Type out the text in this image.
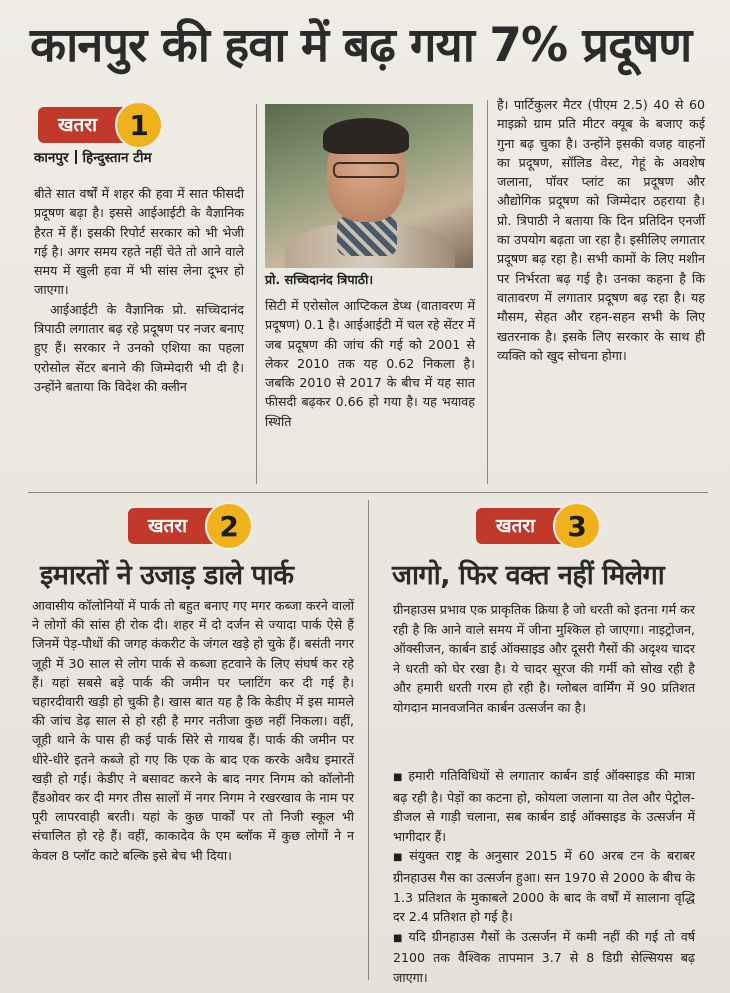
कानपुर की हवा में बढ़ गया 7% प्रदूषण
खतरा	1
कानपुर हिन्दुस्तान टीम

बीते सात वर्षों में शहर की हवा में सात फीसदी प्रदूषण बढ़ा है। इससे आईआईटी के वैज्ञानिक हैरत में हैं। इसकी रिपोर्ट सरकार को भी भेजी गई है। अगर समय रहते नहीं चेते तो आने वाले समय में खुली हवा में भी सांस लेना दूभर हो जाएगा।

आईआईटी के वैज्ञानिक प्रो. सच्चिदानंद त्रिपाठी लगातार बढ़ रहे प्रदूषण पर नजर बनाए हुए हैं। सरकार ने उनको एशिया का पहला एरोसोल सेंटर बनाने की जिम्मेदारी भी दी है। उन्होंने बताया कि विदेश की क्लीन

प्रो. सच्चिदानंद त्रिपाठी।

सिटी में एरोसोल आप्टिकल डेप्थ (वातावरण में प्रदूषण) 0.1 है। आईआईटी में चल रहे सेंटर में जब प्रदूषण की जांच की गई को 2001 से लेकर 2010 तक यह 0.62 निकला है। जबकि 2010 से 2017 के बीच में यह सात फीसदी बढ़कर 0.66 हो गया है। यह भयावह स्थिति

है। पार्टिकुलर मैटर (पीएम 2.5) 40 से 60 माइक्रो ग्राम प्रति मीटर क्यूब के बजाए कई गुना बढ़ चुका है। उन्होंने इसकी वजह वाहनों का प्रदूषण, सॉलिड वेस्ट, गेहूं के अवशेष जलाना, पॉवर प्लांट का प्रदूषण और औद्योगिक प्रदूषण को जिम्मेदार ठहराया है। प्रो. त्रिपाठी ने बताया कि दिन प्रतिदिन एनर्जी का उपयोग बढ़ता जा रहा है। इसीलिए लगातार प्रदूषण बढ़ रहा है। सभी कामों के लिए मशीन पर निर्भरता बढ़ गई है। उनका कहना है कि वातावरण में लगातार प्रदूषण बढ़ रहा है। यह मौसम, सेहत और रहन-सहन सभी के लिए खतरनाक है। इसके लिए सरकार के साथ ही व्यक्ति को खुद सोचना होगा।

खतरा	2
इमारतों ने उजाड़ डाले पार्क

आवासीय कॉलोनियों में पार्क तो बहुत बनाए गए मगर कब्जा करने वालों ने लोगों की सांस ही रोक दी। शहर में दो दर्जन से ज्यादा पार्क ऐसे हैं जिनमें पेड़-पौधों की जगह कंकरीट के जंगल खड़े हो चुके हैं। बसंती नगर जूही में 30 साल से लोग पार्क से कब्जा हटवाने के लिए संघर्ष कर रहे हैं। यहां सबसे बड़े पार्क की जमीन पर प्लाटिंग कर दी गई है। चहारदीवारी खड़ी हो चुकी है। खास बात यह है कि केडीए में इस मामले की जांच डेढ़ साल से हो रही है मगर नतीजा कुछ नहीं निकला। वहीं, जूही थाने के पास ही कई पार्क सिरे से गायब हैं। पार्क की जमीन पर धीरे-धीरे इतने कब्जे हो गए कि एक के बाद एक करके अवैध इमारतें खड़ी हो गईं। केडीए ने बसावट करने के बाद नगर निगम को कॉलोनी हैंडओवर कर दी मगर तीस सालों में नगर निगम ने रखरखाव के नाम पर पूरी लापरवाही बरती। यहां के कुछ पार्कों पर तो निजी स्कूल भी संचालित हो रहे हैं। वहीं, काकादेव के एम ब्लॉक में कुछ लोगों ने न केवल 8 प्लॉट काटे बल्कि इसे बेच भी दिया।

खतरा	3
जागो, फिर वक्त नहीं मिलेगा

ग्रीनहाउस प्रभाव एक प्राकृतिक क्रिया है जो धरती को इतना गर्म कर रही है कि आने वाले समय में जीना मुश्किल हो जाएगा। नाइट्रोजन, ऑक्सीजन, कार्बन डाई ऑक्साइड और दूसरी गैसों की अदृश्य चादर ने धरती को घेर रखा है। ये चादर सूरज की गर्मी को सोख रही है और हमारी धरती गरम हो रही है। ग्लोबल वार्मिंग में 90 प्रतिशत योगदान मानवजनित कार्बन उत्सर्जन का है।

■ हमारी गतिविधियों से लगातार कार्बन डाई ऑक्साइड की मात्रा बढ़ रही है। पेड़ों का कटना हो, कोयला जलाना या तेल और पेट्रोल-डीजल से गाड़ी चलाना, सब कार्बन डाई ऑक्साइड के उत्सर्जन में भागीदार हैं।

■ संयुक्त राष्ट्र के अनुसार 2015 में 60 अरब टन के बराबर ग्रीनहाउस गैस का उत्सर्जन हुआ। सन 1970 से 2000 के बीच के 1.3 प्रतिशत के मुकाबले 2000 के बाद के वर्षों में सालाना वृद्धि दर 2.4 प्रतिशत हो गई है।

■ यदि ग्रीनहाउस गैसों के उत्सर्जन में कमी नहीं की गई तो वर्ष 2100 तक वैश्विक तापमान 3.7 से 8 डिग्री सेल्सियस बढ़ जाएगा।
